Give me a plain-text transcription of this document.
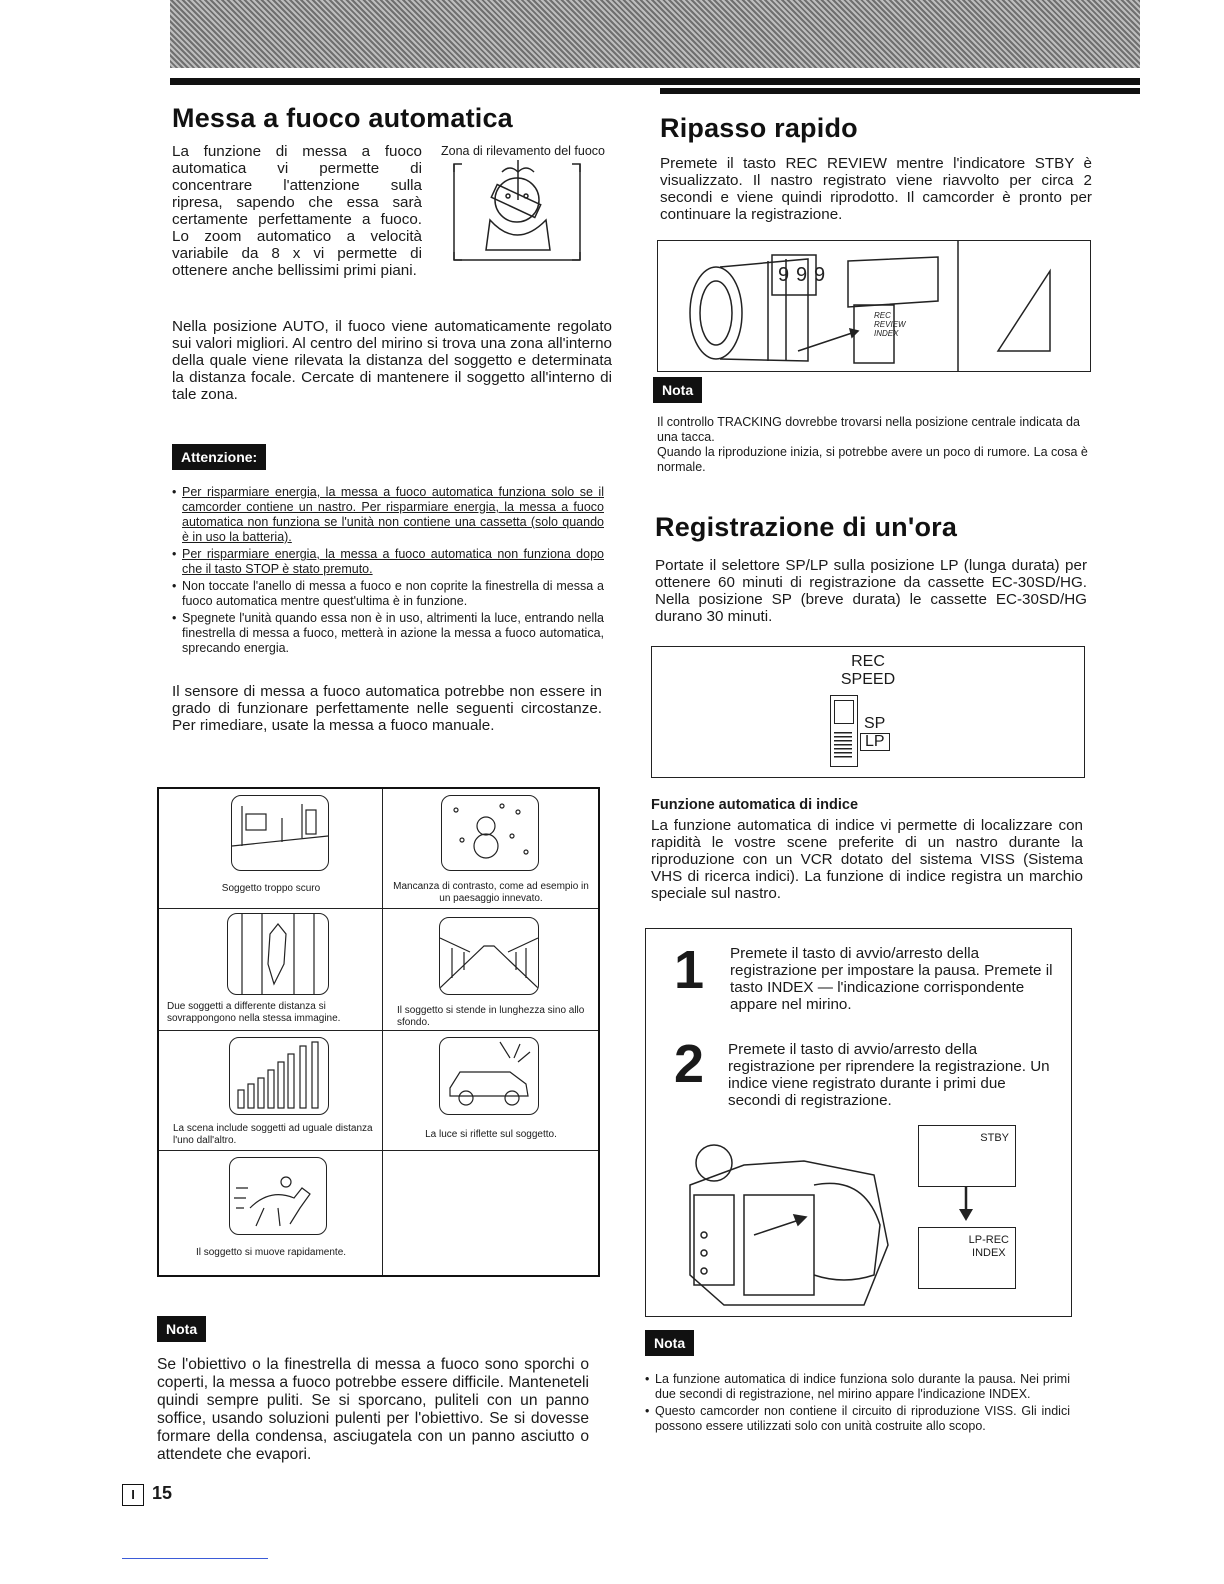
Messa a fuoco automatica

La funzione di messa a fuoco automatica vi permette di concentrare l'attenzione sulla ripresa, sapendo che essa sarà certamente perfettamente a fuoco. Lo zoom automatico a velocità variabile da 8 x vi permette di ottenere anche bellissimi primi piani.

Zona di rilevamento del fuoco

Nella posizione AUTO, il fuoco viene automaticamente regolato sui valori migliori. Al centro del mirino si trova una zona all'interno della quale viene rilevata la distanza del soggetto e determinata la distanza focale. Cercate di mantenere il soggetto all'interno di tale zona.

Attenzione:
• Per risparmiare energia, la messa a fuoco automatica funziona solo se il camcorder contiene un nastro. Per risparmiare energia, la messa a fuoco automatica non funziona se l'unità non contiene una cassetta (solo quando è in uso la batteria).
• Per risparmiare energia, la messa a fuoco automatica non funziona dopo che il tasto STOP è stato premuto.
• Non toccate l'anello di messa a fuoco e non coprite la finestrella di messa a fuoco automatica mentre quest'ultima è in funzione.
• Spegnete l'unità quando essa non è in uso, altrimenti la luce, entrando nella finestrella di messa a fuoco, metterà in azione la messa a fuoco automatica, sprecando energia.

Il sensore di messa a fuoco automatica potrebbe non essere in grado di funzionare perfettamente nelle seguenti circostanze. Per rimediare, usate la messa a fuoco manuale.

Soggetto troppo scuro	Mancanza di contrasto, come ad esempio in un paesaggio innevato.
Due soggetti a differente distanza si sovrappongono nella stessa immagine.
Il soggetto si stende in lunghezza sino allo sfondo.
La scena include soggetti ad uguale distanza l'uno dall'altro.
La luce si riflette sul soggetto.
Il soggetto si muove rapidamente.
Nota

Se l'obiettivo o la finestrella di messa a fuoco sono sporchi o coperti, la messa a fuoco potrebbe essere difficile. Manteneteli quindi sempre puliti. Se si sporcano, puliteli con un panno soffice, usando soluzioni pulenti per l'obiettivo. Se si dovesse formare della condensa, asciugatela con un panno asciutto o attendete che evapori.

Ripasso rapido

Premete il tasto REC REVIEW mentre l'indicatore STBY è visualizzato. Il nastro registrato viene riavvolto per circa 2 secondi e viene quindi riprodotto. Il camcorder è pronto per continuare la registrazione.

9 9 9
REC
REVIEW
INDEX
Nota

Il controllo TRACKING dovrebbe trovarsi nella posizione centrale indicata da una tacca.

Quando la riproduzione inizia, si potrebbe avere un poco di rumore. La cosa è normale.

Registrazione di un'ora

Portate il selettore SP/LP sulla posizione LP (lunga durata) per ottenere 60 minuti di registrazione da cassette EC-30SD/HG. Nella posizione SP (breve durata) le cassette EC-30SD/HG durano 30 minuti.

REC
SPEED
SP
LP
Funzione automatica di indice

La funzione automatica di indice vi permette di localizzare con rapidità le vostre scene preferite di un nastro durante la riproduzione con un VCR dotato del sistema VISS (Sistema VHS di ricerca indici). La funzione di indice registra un marchio speciale sul nastro.

1 Premete il tasto di avvio/arresto della registrazione per impostare la pausa. Premete il tasto INDEX — l'indicazione corrispondente appare nel mirino.

2 Premete il tasto di avvio/arresto della registrazione per riprendere la registrazione. Un indice viene registrato durante i primi due secondi di registrazione.

STBY
LP-REC
INDEX
Nota
• La funzione automatica di indice funziona solo durante la pausa. Nei primi due secondi di registrazione, nel mirino appare l'indicazione INDEX.
• Questo camcorder non contiene il circuito di riproduzione VISS. Gli indici possono essere utilizzati solo con unità costruite allo scopo.
I 15
